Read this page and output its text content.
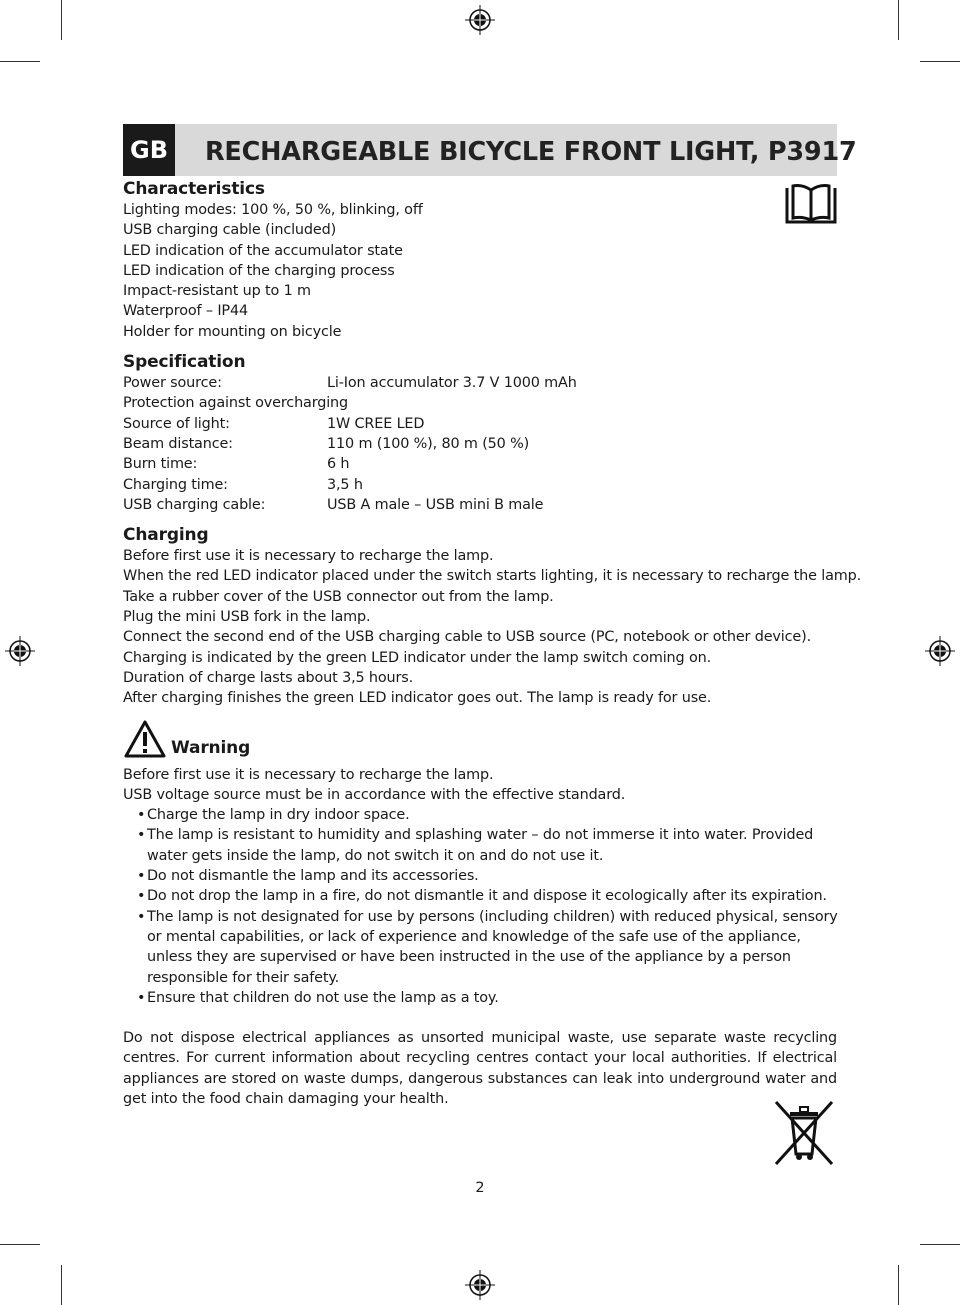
GB RECHARGEABLE BICYCLE FRONT LIGHT, P3917
Characteristics
Lighting modes: 100 %, 50 %, blinking, off
USB charging cable (included)
LED indication of the accumulator state
LED indication of the charging process
Impact-resistant up to 1 m
Waterproof – IP44
Holder for mounting on bicycle
Specification
Power source:	Li-Ion accumulator 3.7 V 1000 mAh
Protection against overcharging
Source of light:	1W CREE LED
Beam distance:	110 m (100 %), 80 m (50 %)
Burn time:	6 h
Charging time:	3,5 h
USB charging cable:	USB A male – USB mini B male
Charging
Before first use it is necessary to recharge the lamp.
When the red LED indicator placed under the switch starts lighting, it is necessary to recharge the lamp.
Take a rubber cover of the USB connector out from the lamp.
Plug the mini USB fork in the lamp.
Connect the second end of the USB charging cable to USB source (PC, notebook or other device).
Charging is indicated by the green LED indicator under the lamp switch coming on.
Duration of charge lasts about 3,5 hours.
After charging finishes the green LED indicator goes out. The lamp is ready for use.
Warning
Before first use it is necessary to recharge the lamp.
USB voltage source must be in accordance with the effective standard.
• Charge the lamp in dry indoor space.
• The lamp is resistant to humidity and splashing water – do not immerse it into water. Provided water gets inside the lamp, do not switch it on and do not use it.
• Do not dismantle the lamp and its accessories.
• Do not drop the lamp in a fire, do not dismantle it and dispose it ecologically after its expiration.
• The lamp is not designated for use by persons (including children) with reduced physical, sensory or mental capabilities, or lack of experience and knowledge of the safe use of the appliance, unless they are supervised or have been instructed in the use of the appliance by a person responsible for their safety.
• Ensure that children do not use the lamp as a toy.
Do not dispose electrical appliances as unsorted municipal waste, use separate waste recycling centres. For current information about recycling centres contact your local authorities. If electrical appliances are stored on waste dumps, dangerous substances can leak into underground water and get into the food chain damaging your health.
2
